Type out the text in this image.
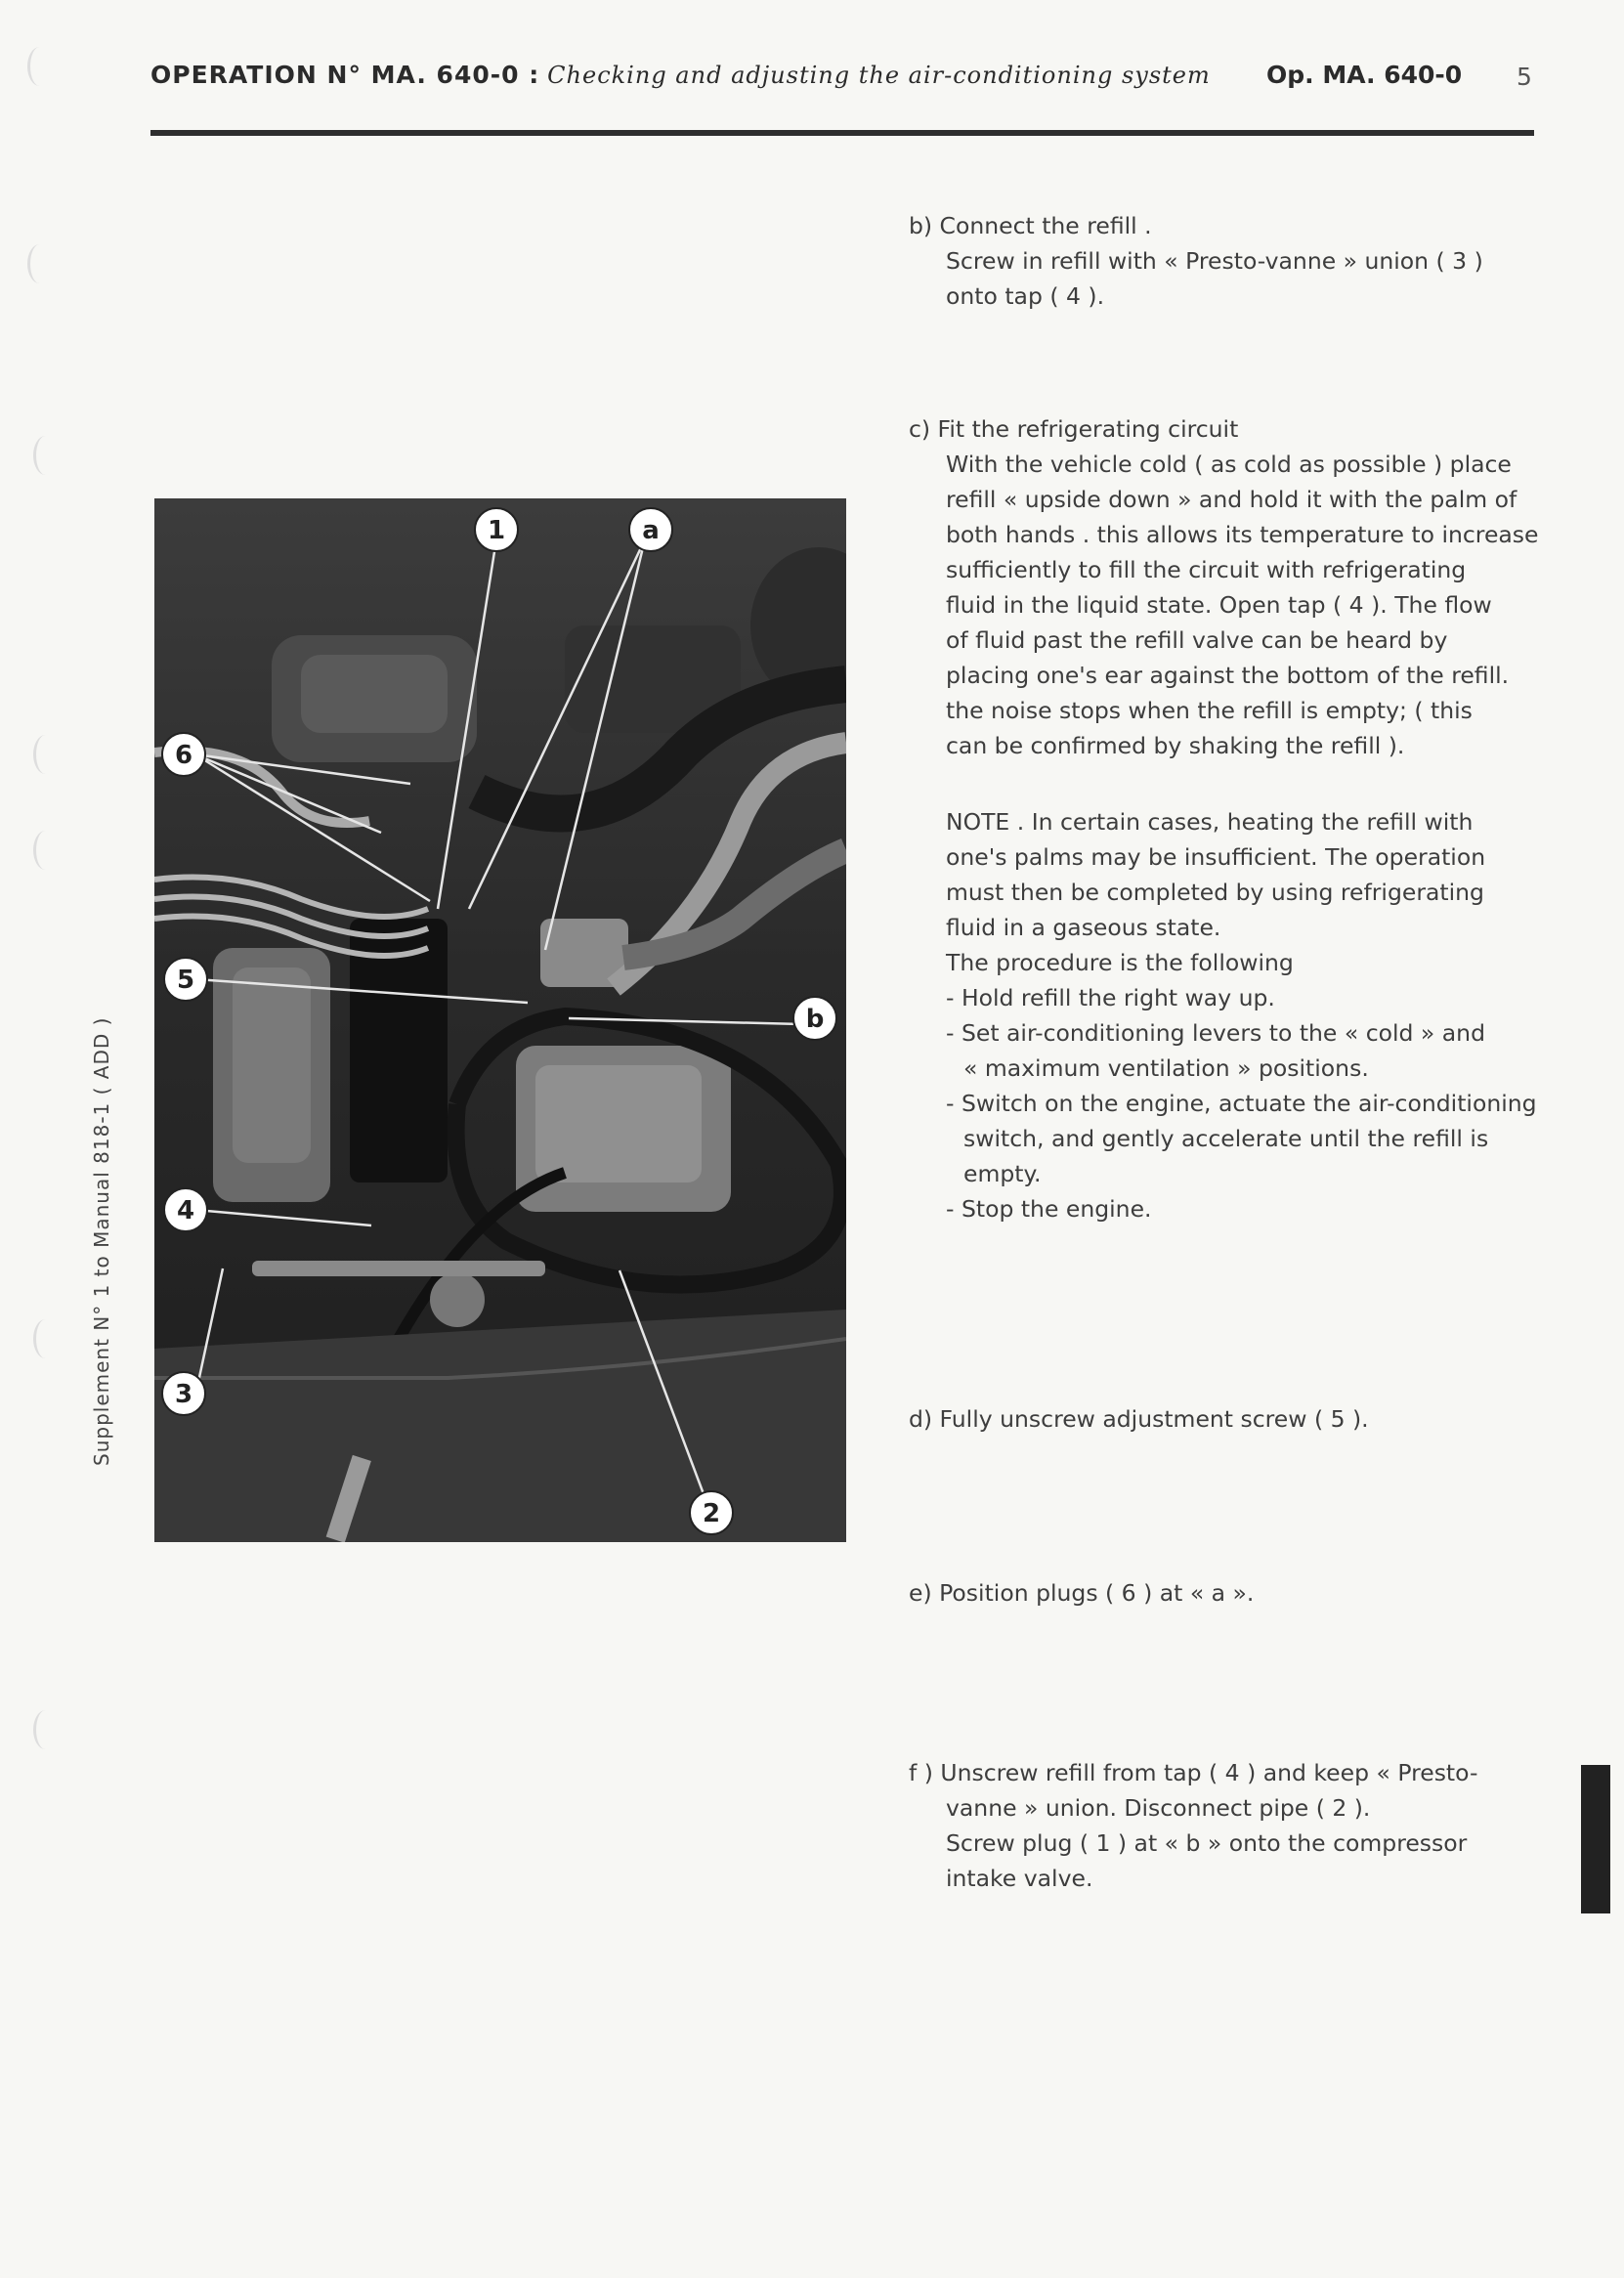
OPERATION N° MA. 640-0 : Checking and adjusting the air-conditioning system Op. MA. 640-0 5
Supplement N° 1 to Manual 818-1 ( ADD )
1	a
6
5
b
4
3
2

b) Connect the refill .

Screw in refill with « Presto-vanne » union ( 3 )

onto tap ( 4 ).

c) Fit the refrigerating circuit

With the vehicle cold ( as cold as possible ) place

refill « upside down » and hold it with the palm of

both hands . this allows its temperature to increase

sufficiently to fill the circuit with refrigerating

fluid in the liquid state. Open tap ( 4 ). The flow

of fluid past the refill valve can be heard by

placing one's ear against the bottom of the refill.

the noise stops when the refill is empty; ( this

can be confirmed by shaking the refill ).

NOTE . In certain cases, heating the refill with

one's palms may be insufficient. The operation

must then be completed by using refrigerating

fluid in a gaseous state.

The procedure is the following

- Hold refill the right way up.

- Set air-conditioning levers to the « cold » and

« maximum ventilation » positions.

- Switch on the engine, actuate the air-conditioning

switch, and gently accelerate until the refill is

empty.

- Stop the engine.

d) Fully unscrew adjustment screw ( 5 ).

e) Position plugs ( 6 ) at « a ».

f ) Unscrew refill from tap ( 4 ) and keep « Presto-

vanne » union. Disconnect pipe ( 2 ).

Screw plug ( 1 ) at « b » onto the compressor

intake valve.
